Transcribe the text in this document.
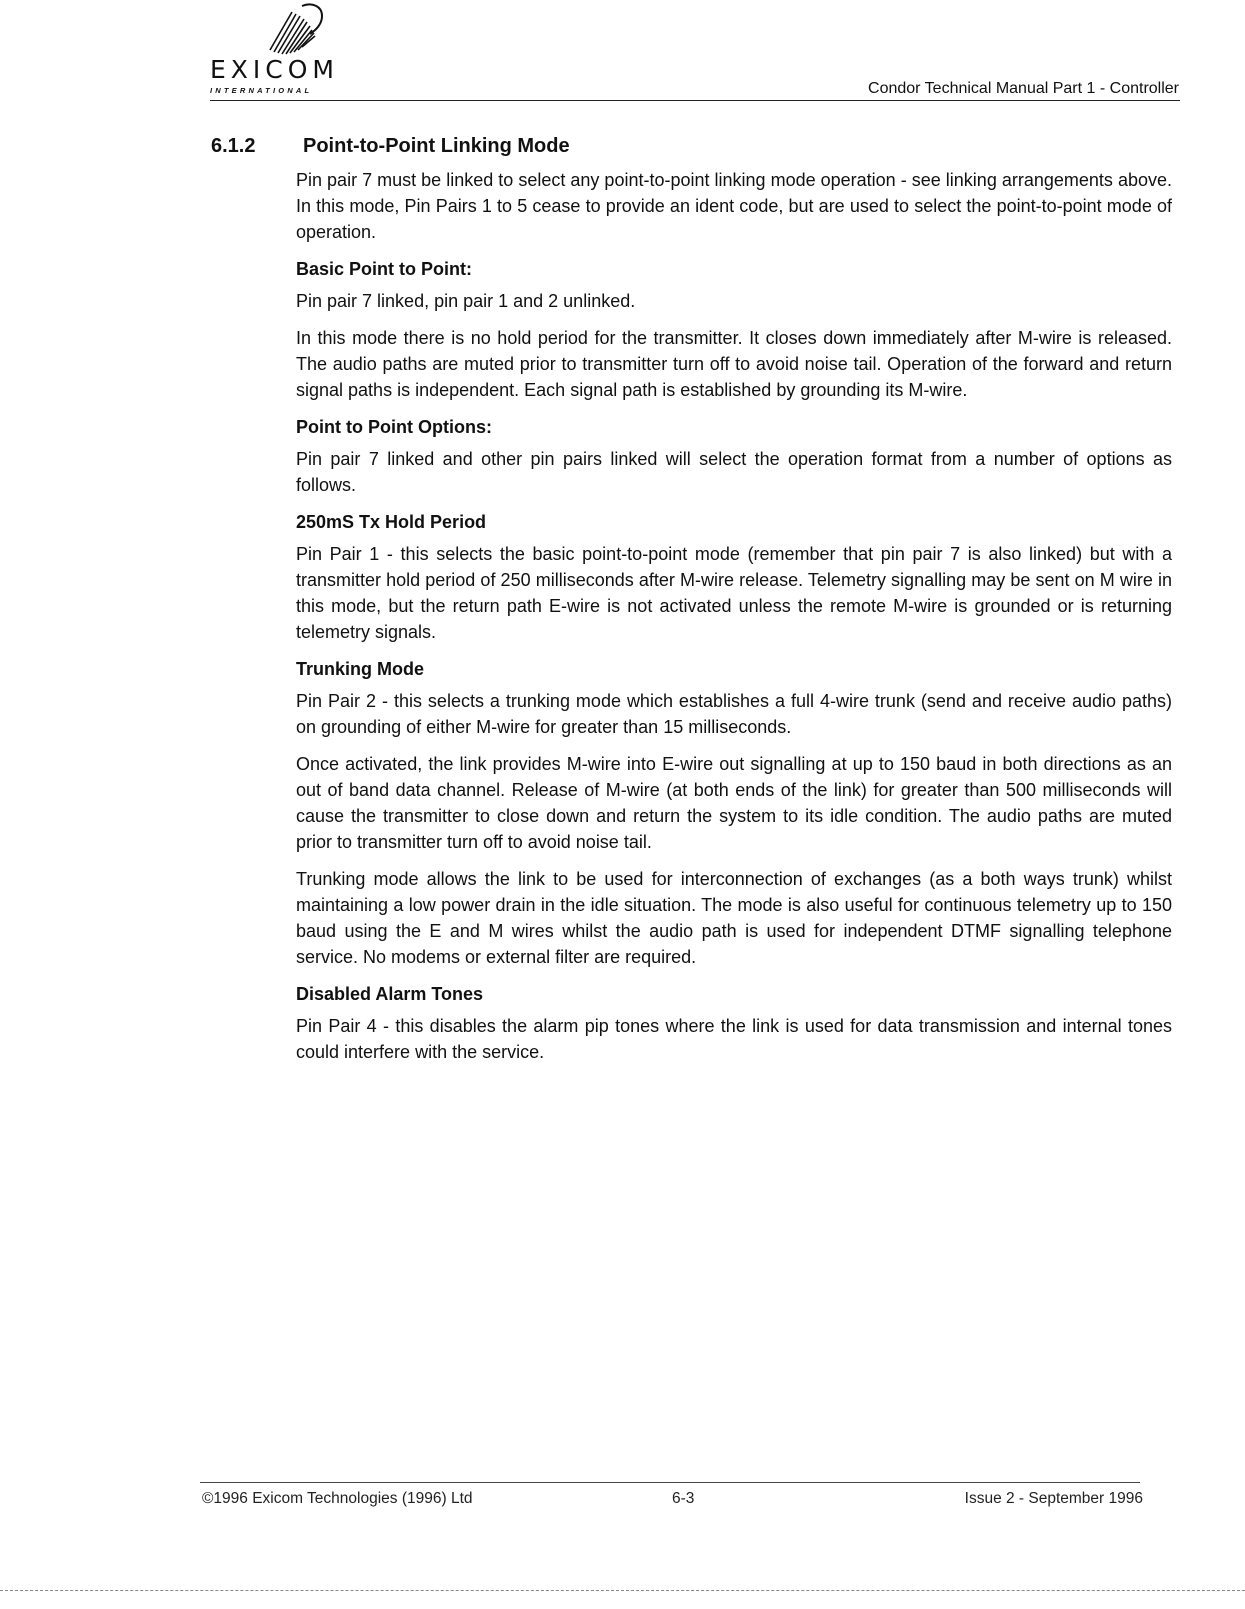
EXICOM
INTERNATIONAL	Condor Technical Manual Part 1 - Controller
6.1.2 Point-to-Point Linking Mode

Pin pair 7 must be linked to select any point-to-point linking mode operation - see linking arrangements above. In this mode, Pin Pairs 1 to 5 cease to provide an ident code, but are used to select the point-to-point mode of operation.

Basic Point to Point:

Pin pair 7 linked, pin pair 1 and 2 unlinked.

In this mode there is no hold period for the transmitter. It closes down immediately after M-wire is released. The audio paths are muted prior to transmitter turn off to avoid noise tail. Operation of the forward and return signal paths is independent. Each signal path is established by grounding its M-wire.

Point to Point Options:

Pin pair 7 linked and other pin pairs linked will select the operation format from a number of options as follows.

250mS Tx Hold Period

Pin Pair 1 - this selects the basic point-to-point mode (remember that pin pair 7 is also linked) but with a transmitter hold period of 250 milliseconds after M-wire release. Telemetry signalling may be sent on M wire in this mode, but the return path E-wire is not activated unless the remote M-wire is grounded or is returning telemetry signals.

Trunking Mode

Pin Pair 2 - this selects a trunking mode which establishes a full 4-wire trunk (send and receive audio paths) on grounding of either M-wire for greater than 15 milliseconds.

Once activated, the link provides M-wire into E-wire out signalling at up to 150 baud in both directions as an out of band data channel. Release of M-wire (at both ends of the link) for greater than 500 milliseconds will cause the transmitter to close down and return the system to its idle condition. The audio paths are muted prior to transmitter turn off to avoid noise tail.

Trunking mode allows the link to be used for interconnection of exchanges (as a both ways trunk) whilst maintaining a low power drain in the idle situation. The mode is also useful for continuous telemetry up to 150 baud using the E and M wires whilst the audio path is used for independent DTMF signalling telephone service. No modems or external filter are required.

Disabled Alarm Tones

Pin Pair 4 - this disables the alarm pip tones where the link is used for data transmission and internal tones could interfere with the service.

©1996 Exicom Technologies (1996) Ltd	6-3	Issue 2 - September 1996
